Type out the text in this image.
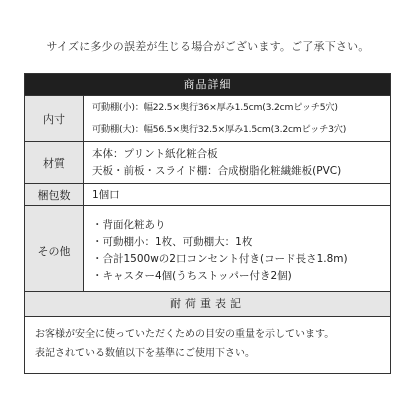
サイズに多少の誤差が生じる場合がございます。ご了承下さい。
商品詳細
内寸
可動棚(小)：幅22.5×奥行36×厚み1.5cm(3.2cmピッチ5穴)
可動棚(大)：幅56.5×奥行32.5×厚み1.5cm(3.2cmピッチ3穴)
材質
本体：プリント紙化粧合板
天板・前板・スライド棚：合成樹脂化粧繊維板(PVC)
梱包数	1個口
その他
・背面化粧あり
・可動棚小：1枚、可動棚大：1枚
・合計1500wの2口コンセント付き(コード長さ1.8m)
・キャスター4個(うちストッパー付き2個)
耐荷重表記
お客様が安全に使っていただくための目安の重量を示しています。
表記されている数値以下を基準にご使用下さい。
